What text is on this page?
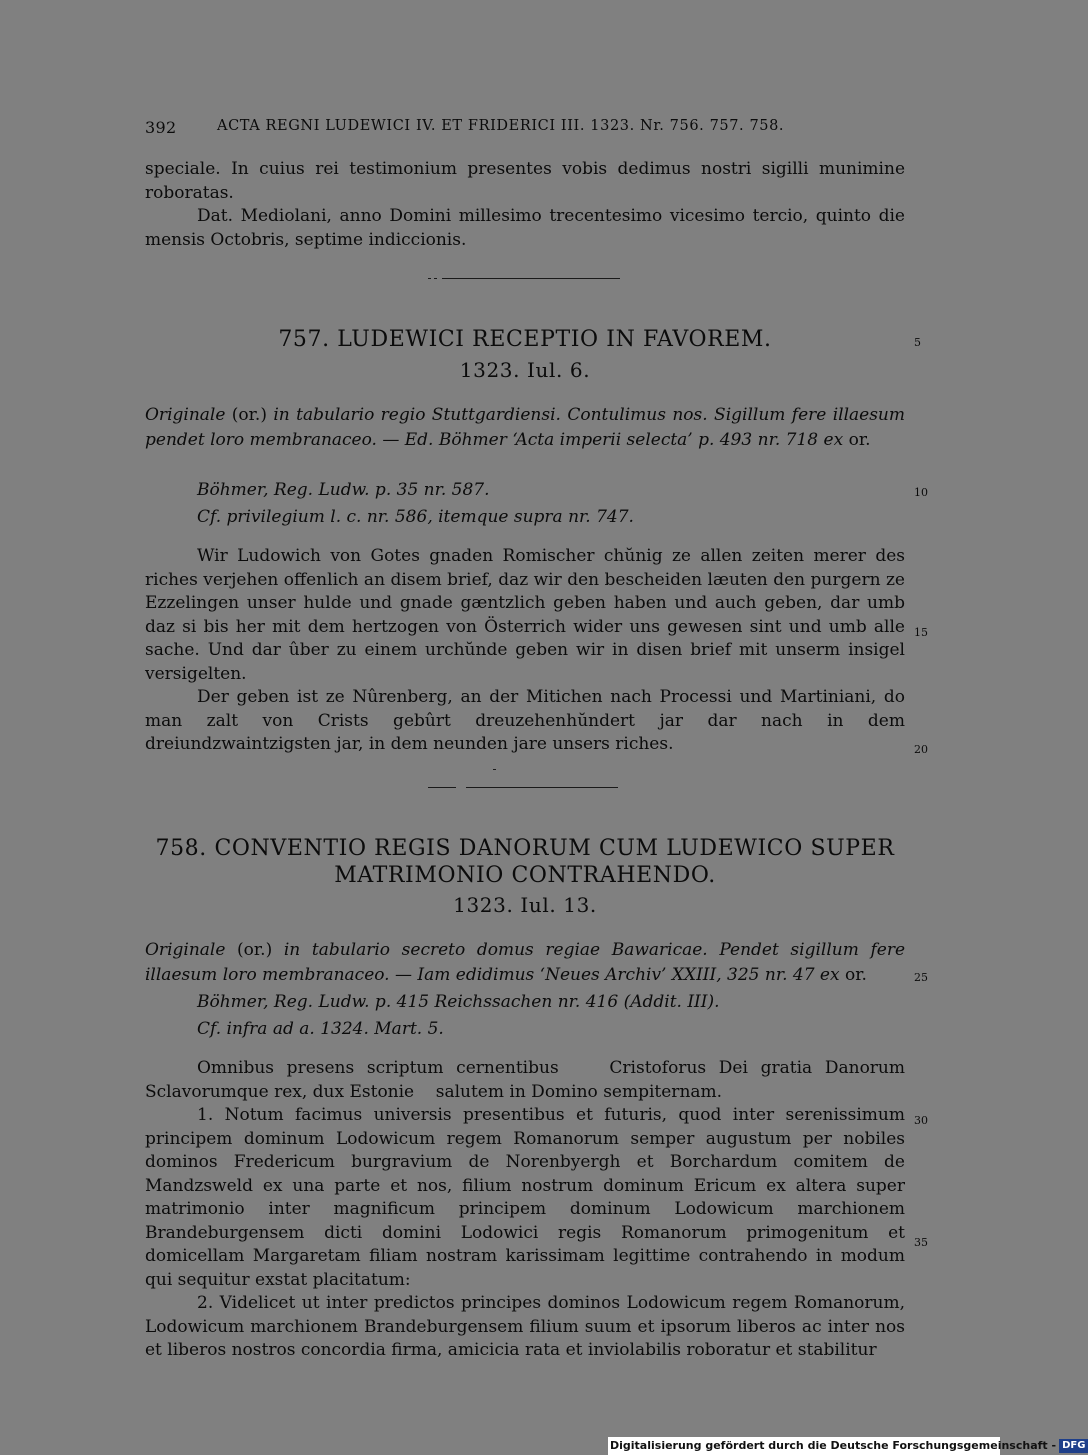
392	ACTA REGNI LUDEWICI IV. ET FRIDERICI III. 1323. Nr. 756. 757. 758.

speciale. In cuius rei testimonium presentes vobis dedimus nostri sigilli munimine roboratas.

Dat. Mediolani, anno Domini millesimo trecentesimo vicesimo tercio, quinto die mensis Octobris, septime indiccionis.

757. LUDEWICI RECEPTIO IN FAVOREM.
1323. Iul. 6.

Originale (or.) in tabulario regio Stuttgardiensi. Contulimus nos. Sigillum fere illaesum pendet loro membranaceo. — Ed. Böhmer ‘Acta imperii selecta’ p. 493 nr. 718 ex or.

Böhmer, Reg. Ludw. p. 35 nr. 587.
Cf. privilegium l. c. nr. 586, itemque supra nr. 747.

Wir Ludowich von Gotes gnaden Romischer chŭnig ze allen zeiten merer des riches verjehen offenlich an disem brief, daz wir den bescheiden læuten den purgern ze Ezzelingen unser hulde und gnade gæntzlich geben haben und auch geben, dar umb daz si bis her mit dem hertzogen von Österrich wider uns gewesen sint und umb alle sache. Und dar ûber zu einem urchŭnde geben wir in disen brief mit unserm insigel versigelten.

Der geben ist ze Nûrenberg, an der Mitichen nach Processi und Martiniani, do man zalt von Crists gebûrt dreuzehenhŭndert jar dar nach in dem dreiundzwaintzigsten jar, in dem neunden jare unsers riches.

758. CONVENTIO REGIS DANORUM CUM LUDEWICO SUPER
MATRIMONIO CONTRAHENDO.
1323. Iul. 13.

Originale (or.) in tabulario secreto domus regiae Bawaricae. Pendet sigillum fere illaesum loro membranaceo. — Iam edidimus ‘Neues Archiv’ XXIII, 325 nr. 47 ex or.

Böhmer, Reg. Ludw. p. 415 Reichssachen nr. 416 (Addit. III).
Cf. infra ad a. 1324. Mart. 5.

Omnibus presens scriptum cernentibus    Cristoforus Dei gratia Danorum Sclavorumque rex, dux Estonie    salutem in Domino sempiternam.

1. Notum facimus universis presentibus et futuris, quod inter serenissimum principem dominum Lodowicum regem Romanorum semper augustum per nobiles dominos Fredericum burgravium de Norenbyergh et Borchardum comitem de Mandzsweld ex una parte et nos, filium nostrum dominum Ericum ex altera super matrimonio inter magnificum principem dominum Lodowicum marchionem Brandeburgensem dicti domini Lodowici regis Romanorum primogenitum et domicellam Margaretam filiam nostram karissimam legittime contrahendo in modum qui sequitur exstat placitatum:

2. Videlicet ut inter predictos principes dominos Lodowicum regem Romanorum, Lodowicum marchionem Brandeburgensem filium suum et ipsorum liberos ac inter nos et liberos nostros concordia firma, amicicia rata et inviolabilis roboratur et stabilitur

5
10
15
20
25
30
35
Digitalisierung gefördert durch die Deutsche Forschungsgemeinschaft - DFG
